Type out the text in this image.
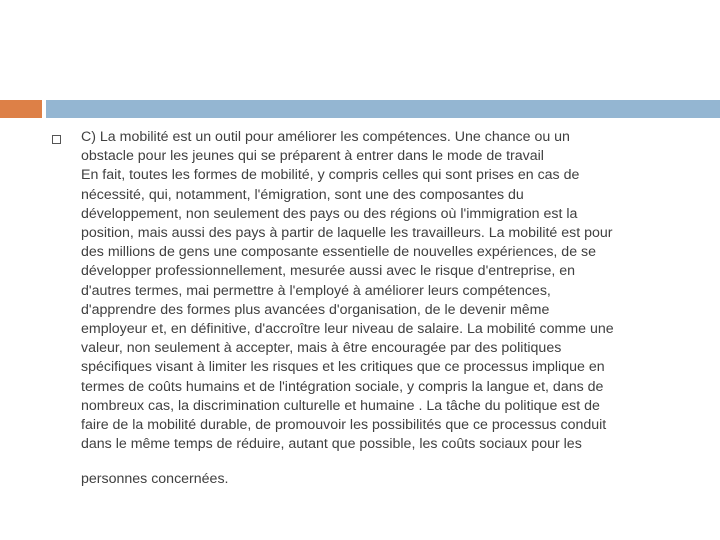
C) La mobilité est un outil pour améliorer les compétences. Une chance ou un

obstacle pour les jeunes qui se préparent à entrer dans le mode de travail

En fait, toutes les formes de mobilité, y compris celles qui sont prises en cas de

nécessité, qui, notamment, l'émigration, sont une des composantes du

développement, non seulement des pays ou des régions où l'immigration est la

position, mais aussi des pays à partir de laquelle les travailleurs. La mobilité est pour

des millions de gens une composante essentielle de nouvelles expériences, de se

développer professionnellement, mesurée aussi avec le risque d'entreprise, en

d'autres termes, mai permettre à l'employé à améliorer leurs compétences,

d'apprendre des formes plus avancées d'organisation, de le devenir même

employeur et, en définitive, d'accroître leur niveau de salaire. La mobilité comme une

valeur, non seulement à accepter, mais à être encouragée par des politiques

spécifiques visant à limiter les risques et les critiques que ce processus implique en

termes de coûts humains et de l'intégration sociale, y compris la langue et, dans de

nombreux cas, la discrimination culturelle et humaine . La tâche du politique est de

faire de la mobilité durable, de promouvoir les possibilités que ce processus conduit

dans le même temps de réduire, autant que possible, les coûts sociaux pour les

personnes concernées.
